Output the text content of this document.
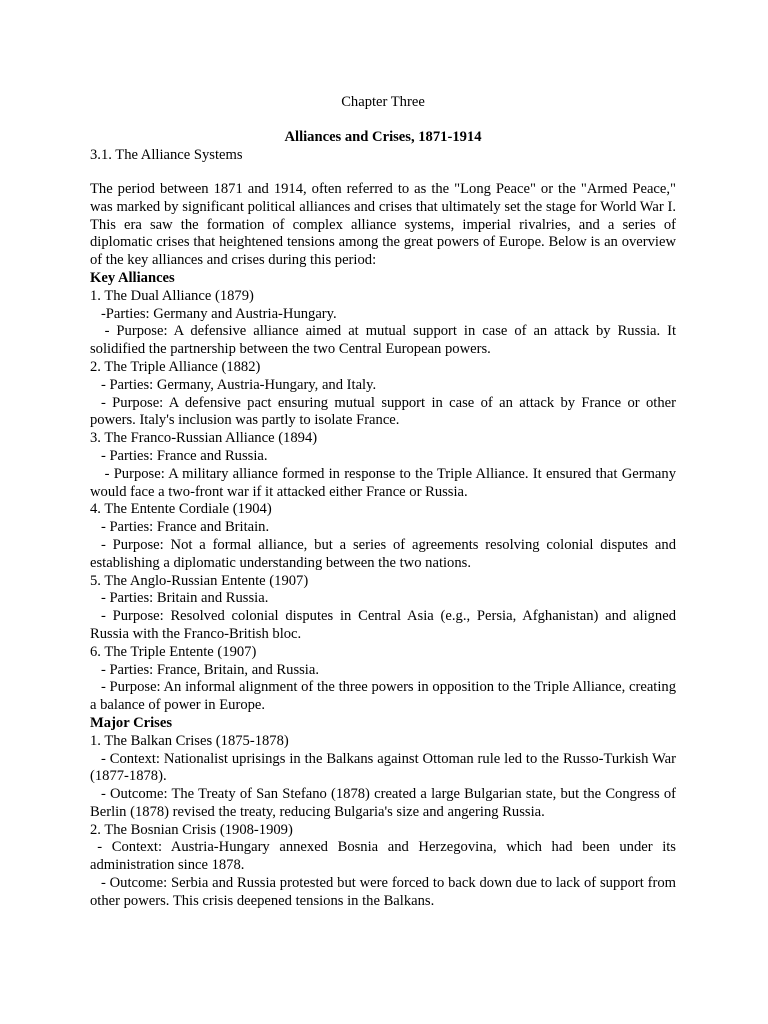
Chapter Three
Alliances and Crises, 1871-1914
3.1. The Alliance Systems
The period between 1871 and 1914, often referred to as the "Long Peace" or the "Armed Peace," was marked by significant political alliances and crises that ultimately set the stage for World War I. This era saw the formation of complex alliance systems, imperial rivalries, and a series of diplomatic crises that heightened tensions among the great powers of Europe. Below is an overview of the key alliances and crises during this period:
Key Alliances
1. The Dual Alliance (1879)
-Parties: Germany and Austria-Hungary.
- Purpose: A defensive alliance aimed at mutual support in case of an attack by Russia. It solidified the partnership between the two Central European powers.
2. The Triple Alliance (1882)
- Parties: Germany, Austria-Hungary, and Italy.
- Purpose: A defensive pact ensuring mutual support in case of an attack by France or other powers. Italy's inclusion was partly to isolate France.
3. The Franco-Russian Alliance (1894)
- Parties: France and Russia.
- Purpose: A military alliance formed in response to the Triple Alliance. It ensured that Germany would face a two-front war if it attacked either France or Russia.
4. The Entente Cordiale (1904)
- Parties: France and Britain.
- Purpose: Not a formal alliance, but a series of agreements resolving colonial disputes and establishing a diplomatic understanding between the two nations.
5. The Anglo-Russian Entente (1907)
- Parties: Britain and Russia.
- Purpose: Resolved colonial disputes in Central Asia (e.g., Persia, Afghanistan) and aligned Russia with the Franco-British bloc.
6. The Triple Entente (1907)
- Parties: France, Britain, and Russia.
- Purpose: An informal alignment of the three powers in opposition to the Triple Alliance, creating a balance of power in Europe.
Major Crises
1. The Balkan Crises (1875-1878)
- Context: Nationalist uprisings in the Balkans against Ottoman rule led to the Russo-Turkish War (1877-1878).
- Outcome: The Treaty of San Stefano (1878) created a large Bulgarian state, but the Congress of Berlin (1878) revised the treaty, reducing Bulgaria's size and angering Russia.
2. The Bosnian Crisis (1908-1909)
- Context: Austria-Hungary annexed Bosnia and Herzegovina, which had been under its administration since 1878.
- Outcome: Serbia and Russia protested but were forced to back down due to lack of support from other powers. This crisis deepened tensions in the Balkans.
